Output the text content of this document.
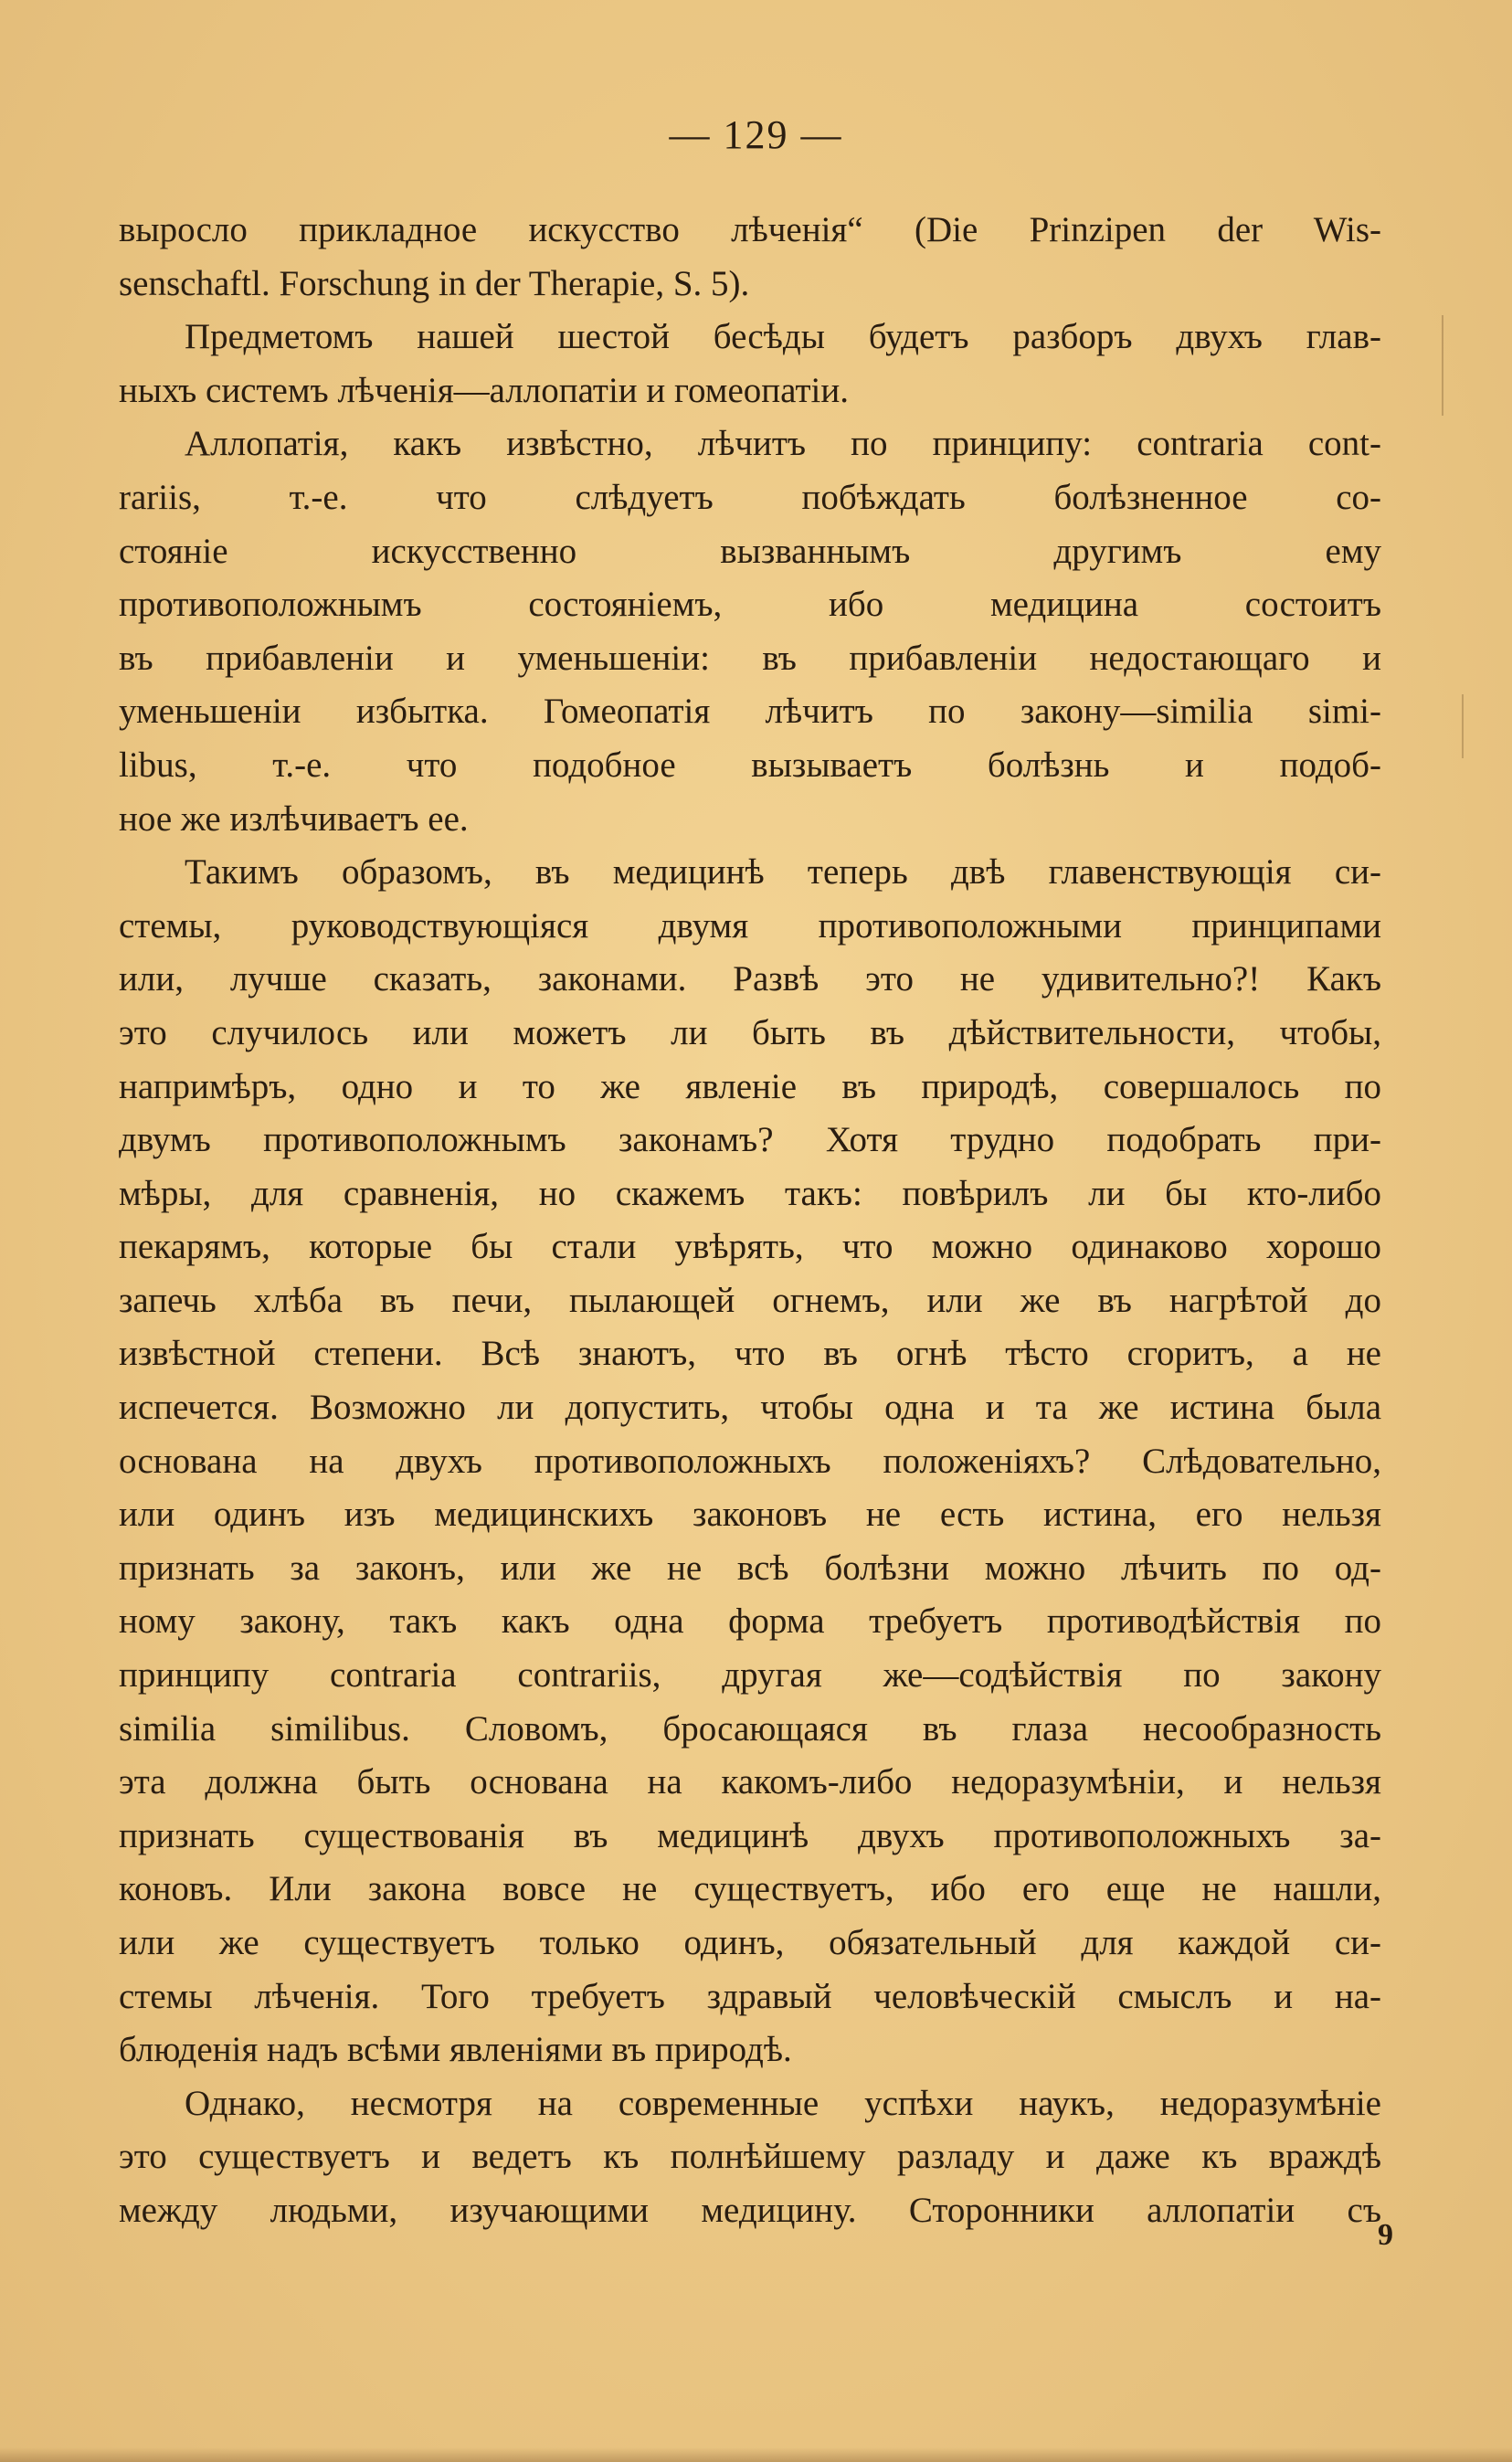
— 129 —
выросло прикладное искусство лѣченія“ (Die Prinzipen der Wis-
senschaftl. Forschung in der Therapie, S. 5).
Предметомъ нашей шестой бесѣды будетъ разборъ двухъ глав-
ныхъ системъ лѣченія—аллопатіи и гомеопатіи.
Аллопатія, какъ извѣстно, лѣчитъ по принципу: contraria cont-
rariis, т.-е. что слѣдуетъ побѣждать болѣзненное со-
стояніе искусственно вызваннымъ другимъ ему
противоположнымъ состояніемъ, ибо медицина состоитъ
въ прибавленіи и уменьшеніи: въ прибавленіи недостающаго и
уменьшеніи избытка. Гомеопатія лѣчитъ по закону—similia simi-
libus, т.-е. что подобное вызываетъ болѣзнь и подоб-
ное же излѣчиваетъ ее.
Такимъ образомъ, въ медицинѣ теперь двѣ главенствующія си-
стемы, руководствующіяся двумя противоположными принципами
или, лучше сказать, законами. Развѣ это не удивительно?! Какъ
это случилось или можетъ ли быть въ дѣйствительности, чтобы,
напримѣръ, одно и то же явленіе въ природѣ, совершалось по
двумъ противоположнымъ законамъ? Хотя трудно подобрать при-
мѣры, для сравненія, но скажемъ такъ: повѣрилъ ли бы кто-либо
пекарямъ, которые бы стали увѣрять, что можно одинаково хорошо
запечь хлѣба въ печи, пылающей огнемъ, или же въ нагрѣтой до
извѣстной степени. Всѣ знаютъ, что въ огнѣ тѣсто сгоритъ, а не
испечется. Возможно ли допустить, чтобы одна и та же истина была
основана на двухъ противоположныхъ положеніяхъ? Слѣдовательно,
или одинъ изъ медицинскихъ законовъ не есть истина, его нельзя
признать за законъ, или же не всѣ болѣзни можно лѣчить по од-
ному закону, такъ какъ одна форма требуетъ противодѣйствія по
принципу contraria contrariis, другая же—содѣйствія по закону
similia similibus. Словомъ, бросающаяся въ глаза несообразность
эта должна быть основана на какомъ-либо недоразумѣніи, и нельзя
признать существованія въ медицинѣ двухъ противоположныхъ за-
коновъ. Или закона вовсе не существуетъ, ибо его еще не нашли,
или же существуетъ только одинъ, обязательный для каждой си-
стемы лѣченія. Того требуетъ здравый человѣческій смыслъ и на-
блюденія надъ всѣми явленіями въ природѣ.
Однако, несмотря на современные успѣхи наукъ, недоразумѣніе
это существуетъ и ведетъ къ полнѣйшему разладу и даже къ враждѣ
между людьми, изучающими медицину. Сторонники аллопатіи съ
9
